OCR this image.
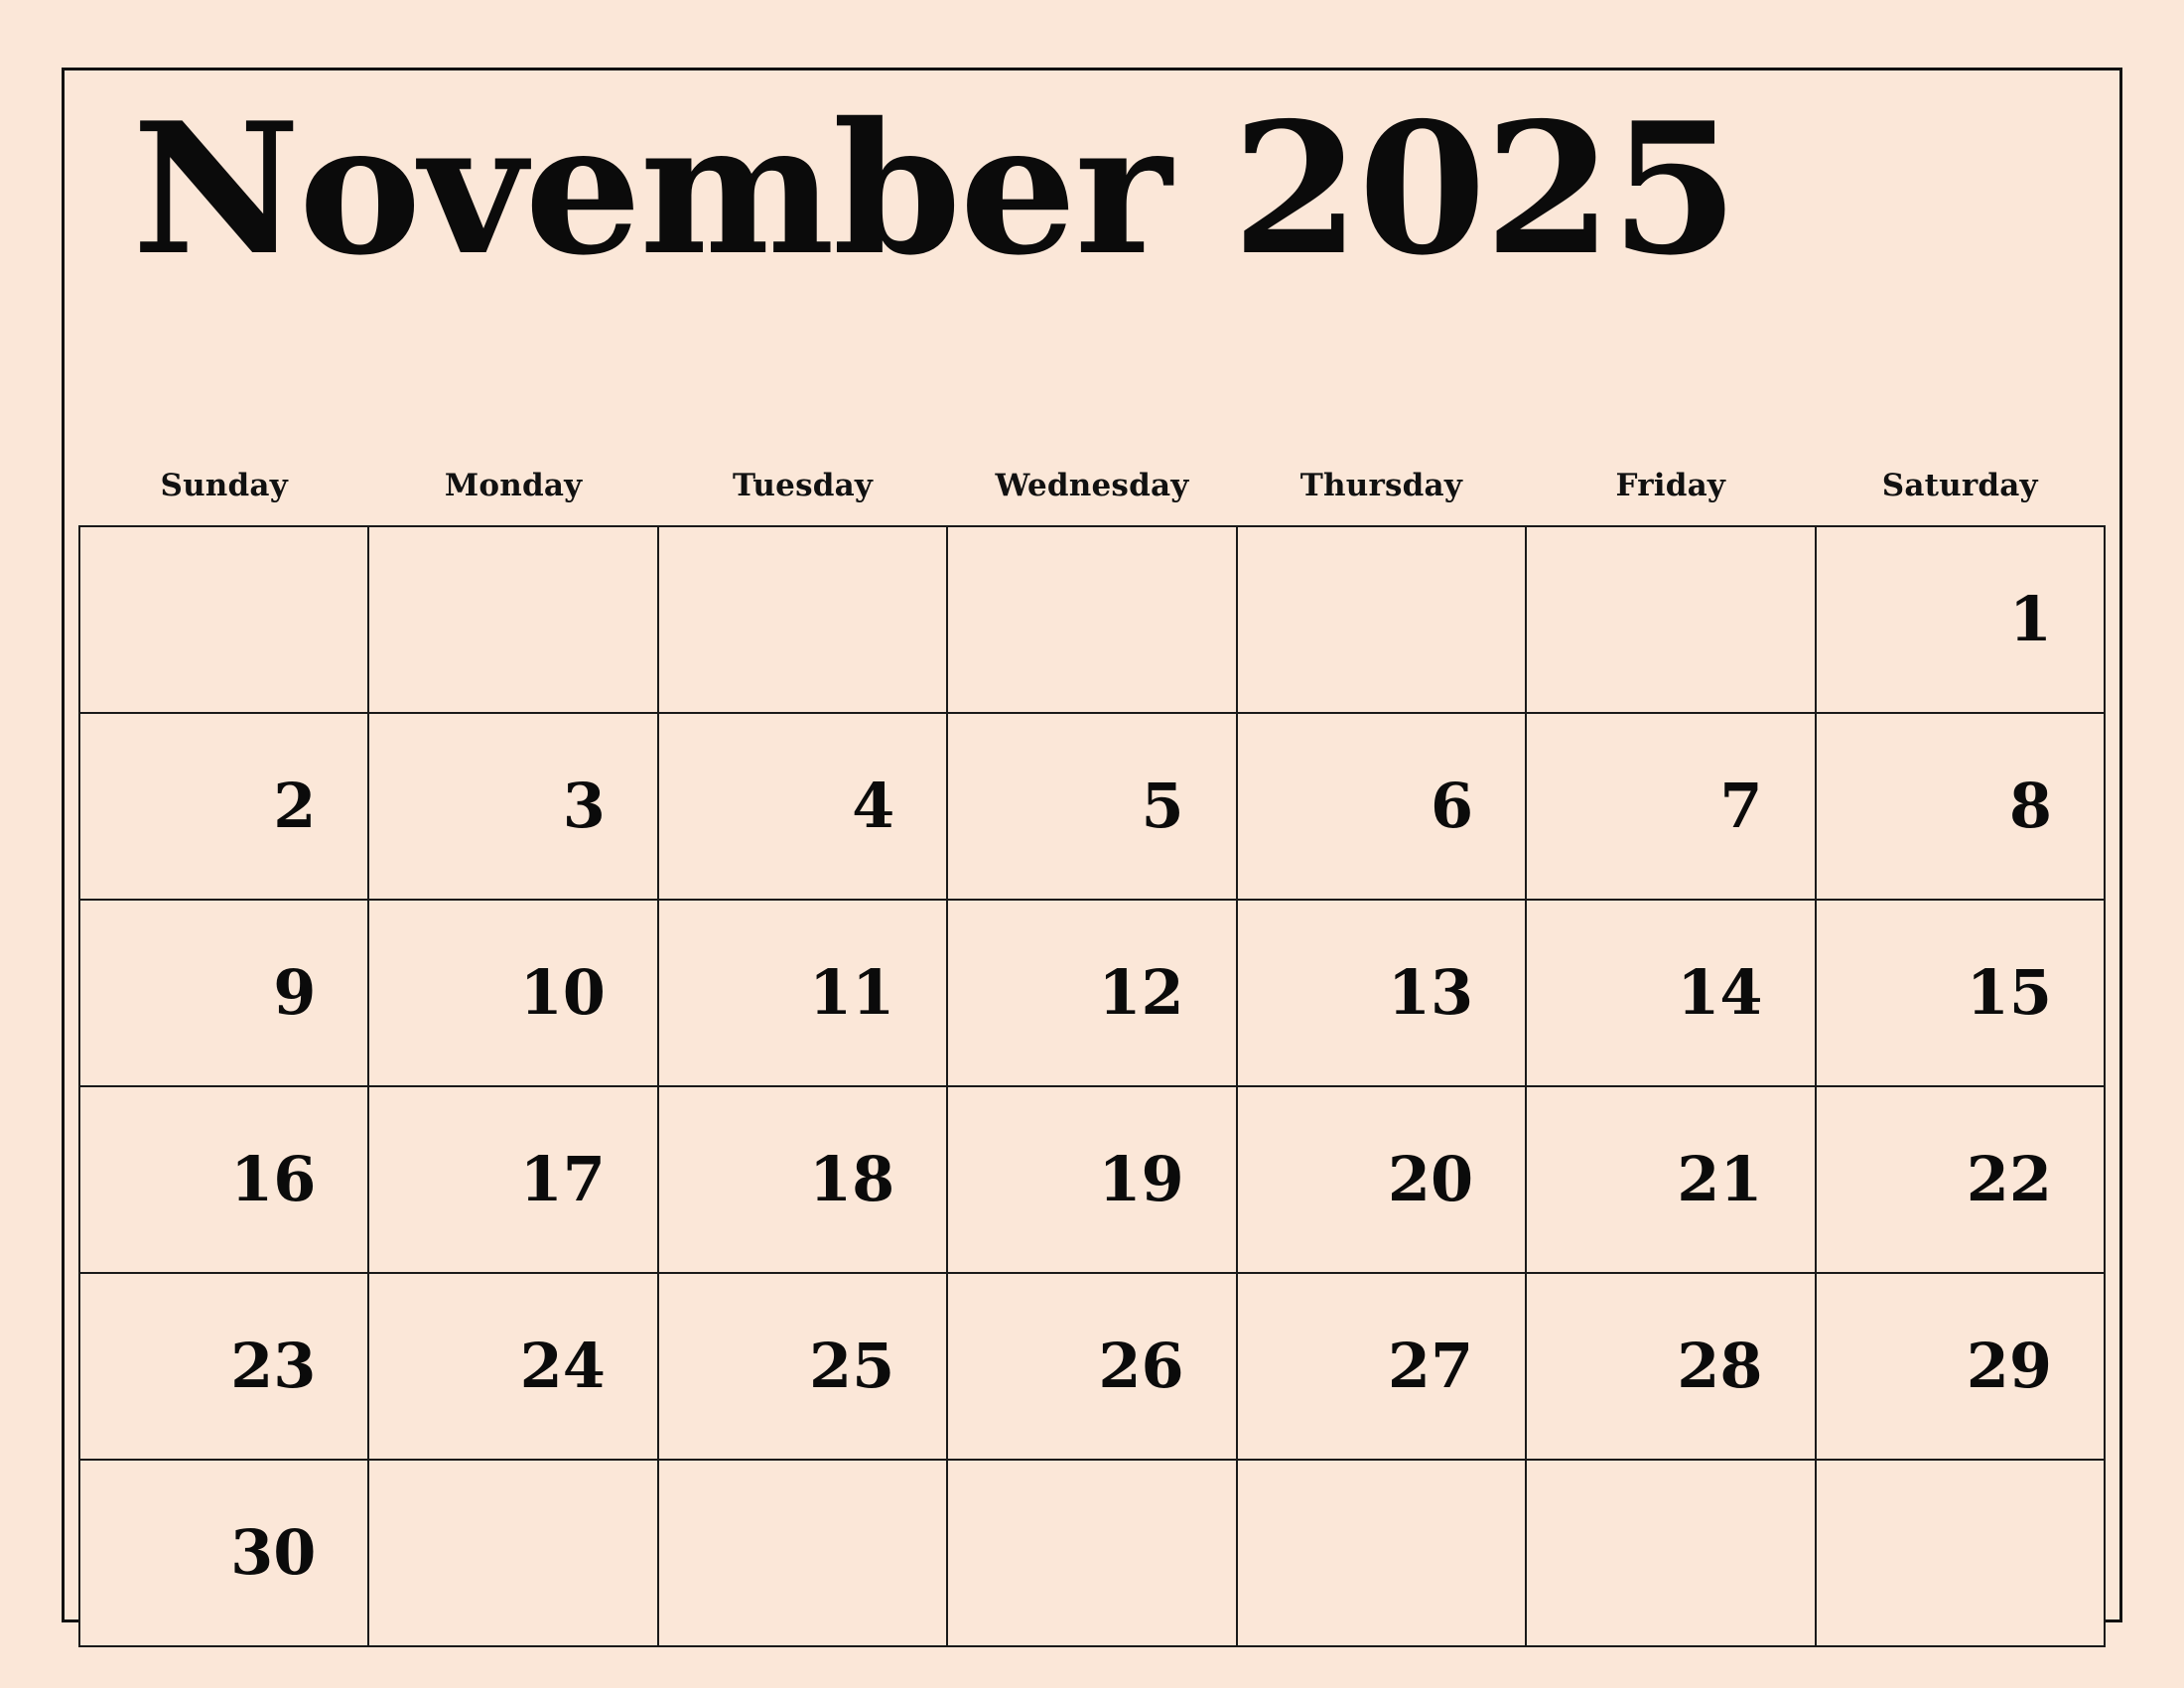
November 2025
Sunday	Monday	Tuesday	Wednesday	Thursday	Friday	Saturday
						1
2	3	4	5	6	7	8
9	10	11	12	13	14	15
16	17	18	19	20	21	22
23	24	25	26	27	28	29
30						
